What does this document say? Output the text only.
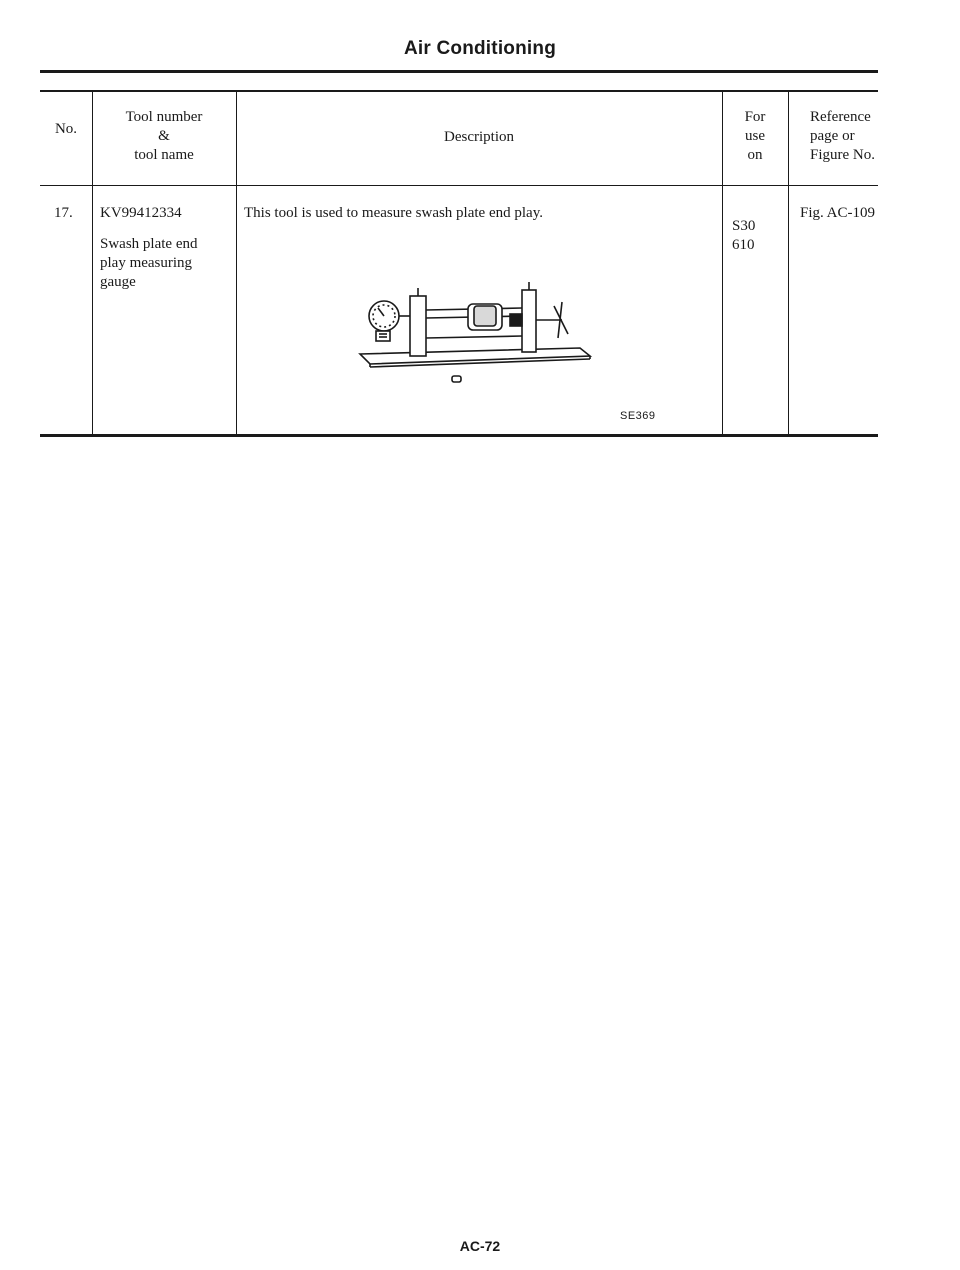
Air Conditioning
No.
Tool number
&
tool name
Description
For
use
on
Reference
page or
Figure No.
17. KV99412334
Swash plate end play measuring gauge
This tool is used to measure swash plate end play.
S30
610
Fig. AC-109
SE369
AC-72
